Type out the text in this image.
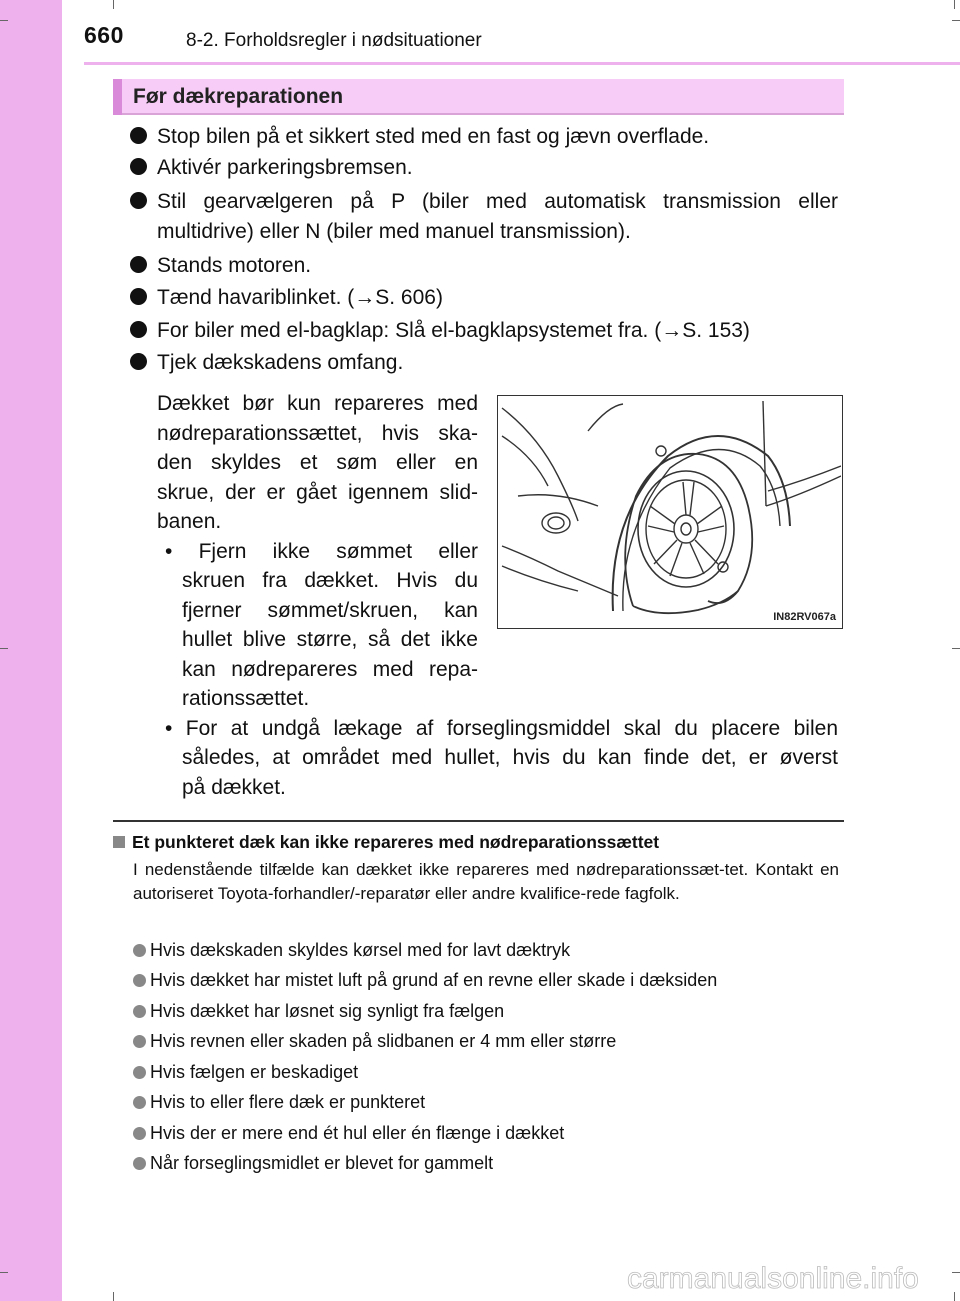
660	8-2. Forholdsregler i nødsituationer
Før dækreparationen
Stop bilen på et sikkert sted med en fast og jævn overflade.
Aktivér parkeringsbremsen.
Stil gearvælgeren på P (biler med automatisk transmission eller
multidrive) eller N (biler med manuel transmission).
Stands motoren.
Tænd havariblinket. (→S. 606)
For biler med el-bagklap: Slå el-bagklapsystemet fra. (→S. 153)
Tjek dækskadens omfang.
Dækket bør kun repareres med
nødreparationssættet, hvis ska-
den skyldes et søm eller en
skrue, der er gået igennem slid-
banen.
• Fjern ikke sømmet eller
skruen fra dækket. Hvis du
fjerner sømmet/skruen, kan
hullet blive større, så det ikke
kan nødrepareres med repa-
rationssættet.
• For at undgå lækage af forseglingsmiddel skal du placere bilen
således, at området med hullet, hvis du kan finde det, er øverst
på dækket.
IN82RV067a
Et punkteret dæk kan ikke repareres med nødreparationssættet
I nedenstående tilfælde kan dækket ikke repareres med nødreparationssæt-tet. Kontakt en autoriseret Toyota-forhandler/-reparatør eller andre kvalifice-rede fagfolk.
Hvis dækskaden skyldes kørsel med for lavt dæktryk
Hvis dækket har mistet luft på grund af en revne eller skade i dæksiden
Hvis dækket har løsnet sig synligt fra fælgen
Hvis revnen eller skaden på slidbanen er 4 mm eller større
Hvis fælgen er beskadiget
Hvis to eller flere dæk er punkteret
Hvis der er mere end ét hul eller én flænge i dækket
Når forseglingsmidlet er blevet for gammelt
carmanualsonline.info
